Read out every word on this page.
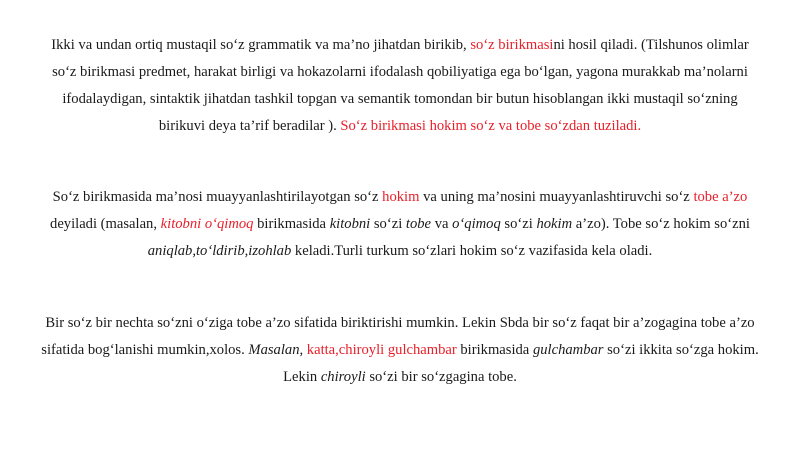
Ikki va undan ortiq mustaqil so‘z grammatik va ma’no jihatdan birikib, so‘z birikmasini hosil qiladi. (Tilshunos olimlar so‘z birikmasi predmet, harakat birligi va hokazolarni ifodalash qobiliyatiga ega bo‘lgan, yagona murakkab ma’nolarni ifodalaydigan, sintaktik jihatdan tashkil topgan va semantik tomondan bir butun hisoblangan ikki mustaqil so‘zning birikuvi deya ta’rif beradilar ). So‘z birikmasi hokim so‘z va tobe so‘zdan tuziladi.

So‘z birikmasida ma’nosi muayyanlashtirilayotgan so‘z hokim va uning ma’nosini muayyanlashtiruvchi so‘z tobe a’zo deyiladi (masalan, kitobni o‘qimoq birikmasida kitobni so‘zi tobe va o‘qimoq so‘zi hokim a’zo). Tobe so‘z hokim so‘zni aniqlab,to‘ldirib,izohlab keladi.Turli turkum so‘zlari hokim so‘z vazifasida kela oladi.

Bir so‘z bir nechta so‘zni o‘ziga tobe a’zo sifatida biriktirishi mumkin. Lekin Sbda bir so‘z faqat bir a’zogagina tobe a’zo sifatida bog‘lanishi mumkin,xolos. Masalan, katta,chiroyli gulchambar birikmasida gulchambar so‘zi ikkita so‘zga hokim. Lekin chiroyli so‘zi bir so‘zgagina tobe.
